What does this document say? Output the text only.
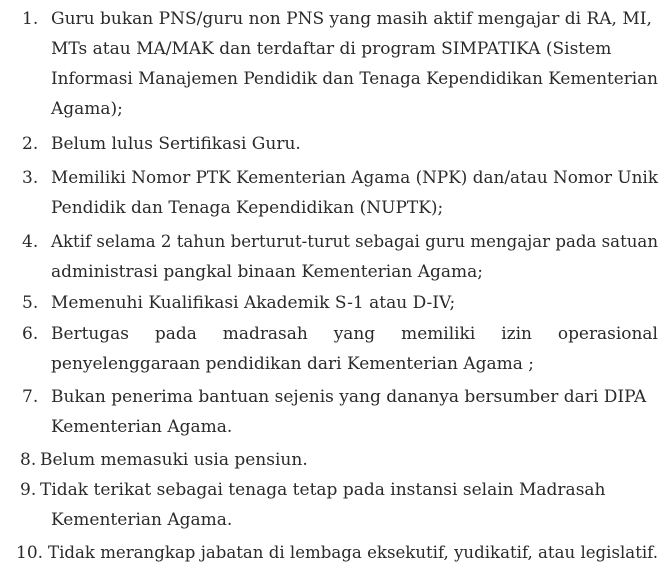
1. Guru bukan PNS/guru non PNS yang masih aktif mengajar di RA, MI,
MTs atau MA/MAK dan terdaftar di program SIMPATIKA (Sistem
Informasi Manajemen Pendidik dan Tenaga Kependidikan Kementerian
Agama);
2. Belum lulus Sertifikasi Guru.
3. Memiliki Nomor PTK Kementerian Agama (NPK) dan/atau Nomor Unik
Pendidik dan Tenaga Kependidikan (NUPTK);
4. Aktif selama 2 tahun berturut-turut sebagai guru mengajar pada satuan
administrasi pangkal binaan Kementerian Agama;
5. Memenuhi Kualifikasi Akademik S-1 atau D-IV;
6. Bertugas pada madrasah yang memiliki izin operasional
penyelenggaraan pendidikan dari Kementerian Agama ;
7. Bukan penerima bantuan sejenis yang dananya bersumber dari DIPA
Kementerian Agama.
8. Belum memasuki usia pensiun.
9. Tidak terikat sebagai tenaga tetap pada instansi selain Madrasah
Kementerian Agama.
10. Tidak merangkap jabatan di lembaga eksekutif, yudikatif, atau legislatif.
